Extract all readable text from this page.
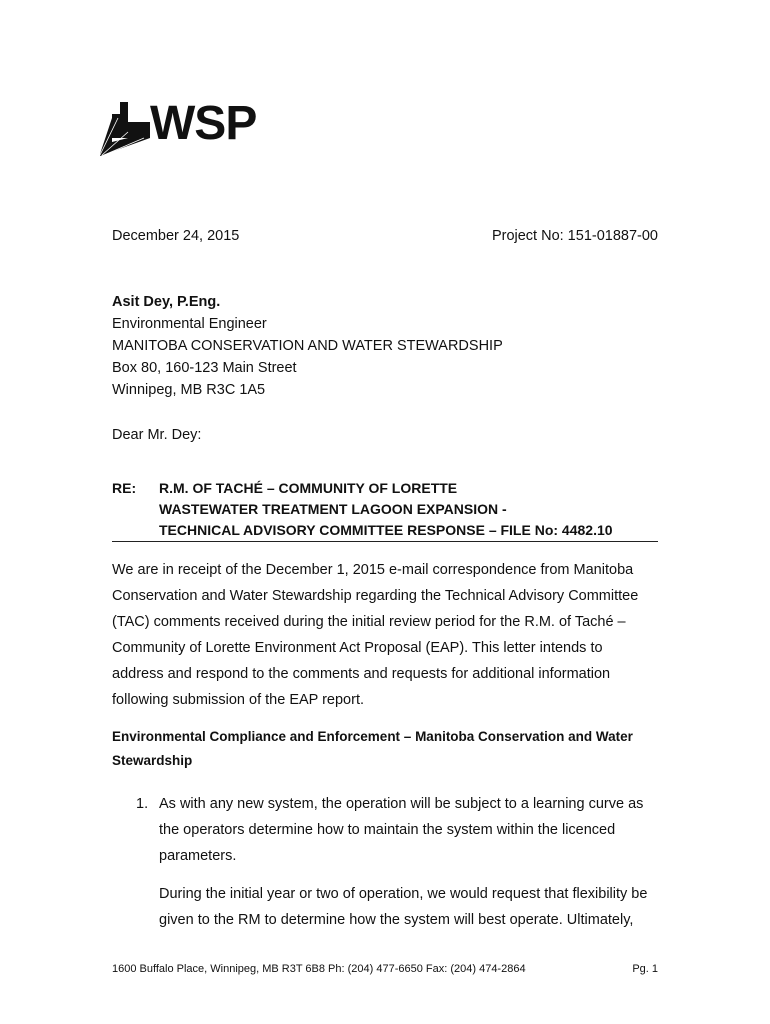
WSP
December 24, 2015	Project No: 151-01887-00
Asit Dey, P.Eng.
Environmental Engineer
MANITOBA CONSERVATION AND WATER STEWARDSHIP
Box 80, 160-123 Main Street
Winnipeg, MB R3C 1A5
Dear Mr. Dey:
RE: R.M. OF TACHÉ – COMMUNITY OF LORETTE
WASTEWATER TREATMENT LAGOON EXPANSION -
TECHNICAL ADVISORY COMMITTEE RESPONSE – FILE No: 4482.10
We are in receipt of the December 1, 2015 e-mail correspondence from Manitoba Conservation and Water Stewardship regarding the Technical Advisory Committee (TAC) comments received during the initial review period for the R.M. of Taché – Community of Lorette Environment Act Proposal (EAP). This letter intends to address and respond to the comments and requests for additional information following submission of the EAP report.
Environmental Compliance and Enforcement – Manitoba Conservation and Water Stewardship
1. As with any new system, the operation will be subject to a learning curve as the operators determine how to maintain the system within the licenced parameters.
During the initial year or two of operation, we would request that flexibility be given to the RM to determine how the system will best operate. Ultimately,
1600 Buffalo Place, Winnipeg, MB R3T 6B8 Ph: (204) 477-6650 Fax: (204) 474-2864	Pg. 1
